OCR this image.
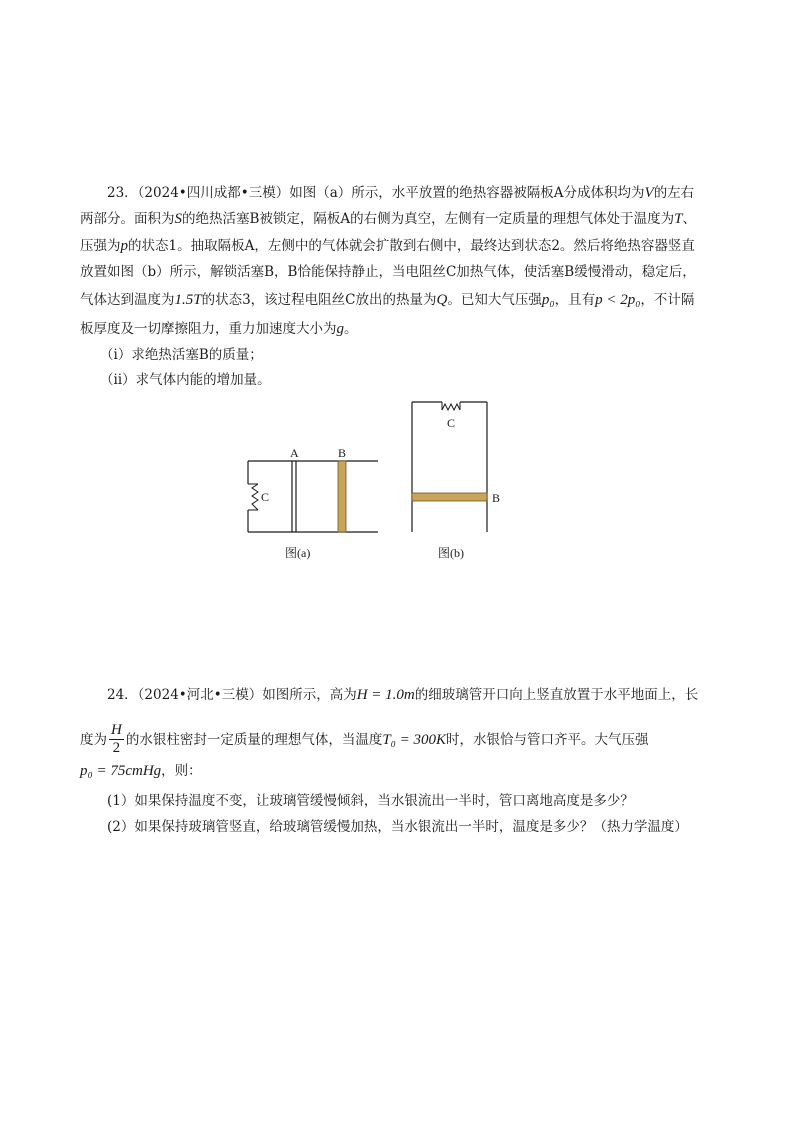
23．（2024•四川成都•三模）如图（a）所示，水平放置的绝热容器被隔板A分成体积均为V的左右
两部分。面积为S的绝热活塞B被锁定，隔板A的右侧为真空，左侧有一定质量的理想气体处于温度为T、
压强为p的状态1。抽取隔板A，左侧中的气体就会扩散到右侧中，最终达到状态2。然后将绝热容器竖直
放置如图（b）所示，解锁活塞B，B恰能保持静止，当电阻丝C加热气体，使活塞B缓慢滑动，稳定后，
气体达到温度为1.5T的状态3，该过程电阻丝C放出的热量为Q。已知大气压强p₀，且有p < 2p₀，不计隔
板厚度及一切摩擦阻力，重力加速度大小为g。
（ⅰ）求绝热活塞B的质量；
（ⅱ）求气体内能的增加量。
A	B
C
图(a)
C
B
图(b)
24．（2024•河北•三模）如图所示，高为H = 1.0m的细玻璃管开口向上竖直放置于水平地面上，长
度为 $\frac{H}{2}$ 的水银柱密封一定质量的理想气体，当温度T₀ = 300K时，水银恰与管口齐平。大气压强
p₀ = 75cmHg，则：
(1）如果保持温度不变，让玻璃管缓慢倾斜，当水银流出一半时，管口离地高度是多少？
(2）如果保持玻璃管竖直，给玻璃管缓慢加热，当水银流出一半时，温度是多少？（热力学温度）
